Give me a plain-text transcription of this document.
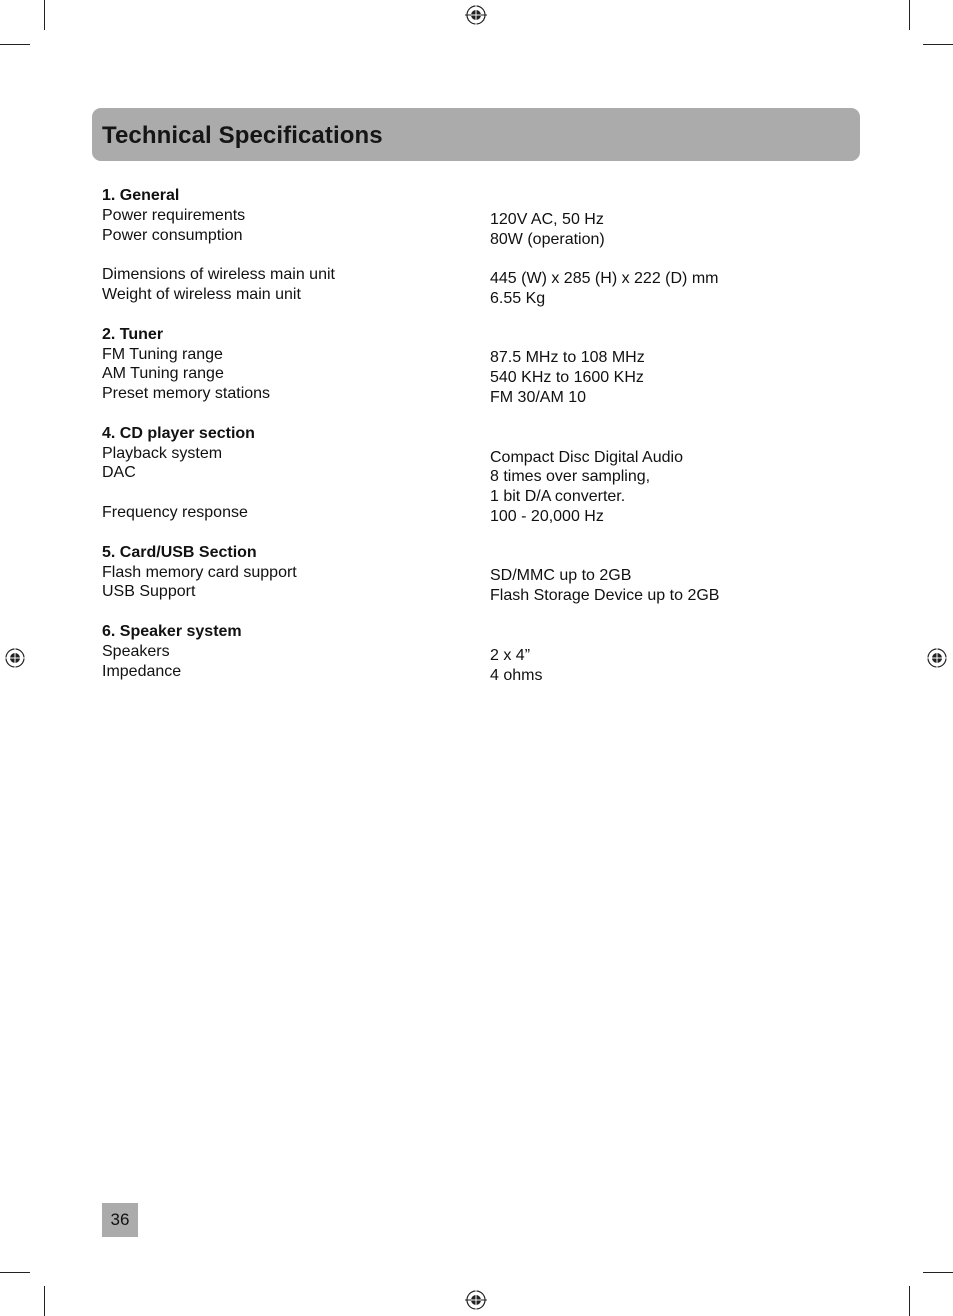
Technical Specifications
1. General
Power requirements
Power consumption
Dimensions of wireless main unit
Weight of wireless main unit
120V AC, 50 Hz
80W (operation)
445 (W) x 285 (H) x 222 (D) mm
6.55 Kg
2. Tuner
FM Tuning range
AM Tuning range
Preset memory stations
87.5 MHz to 108 MHz
540 KHz to 1600 KHz
FM 30/AM 10
4. CD player section
Playback system
DAC
Frequency response
Compact Disc Digital Audio
8 times over sampling,
1 bit D/A converter.
100 - 20,000 Hz
5. Card/USB Section
Flash memory card support
USB Support
SD/MMC up to 2GB
Flash Storage Device up to 2GB
6. Speaker system
Speakers
Impedance
2 x 4”
4 ohms
36
